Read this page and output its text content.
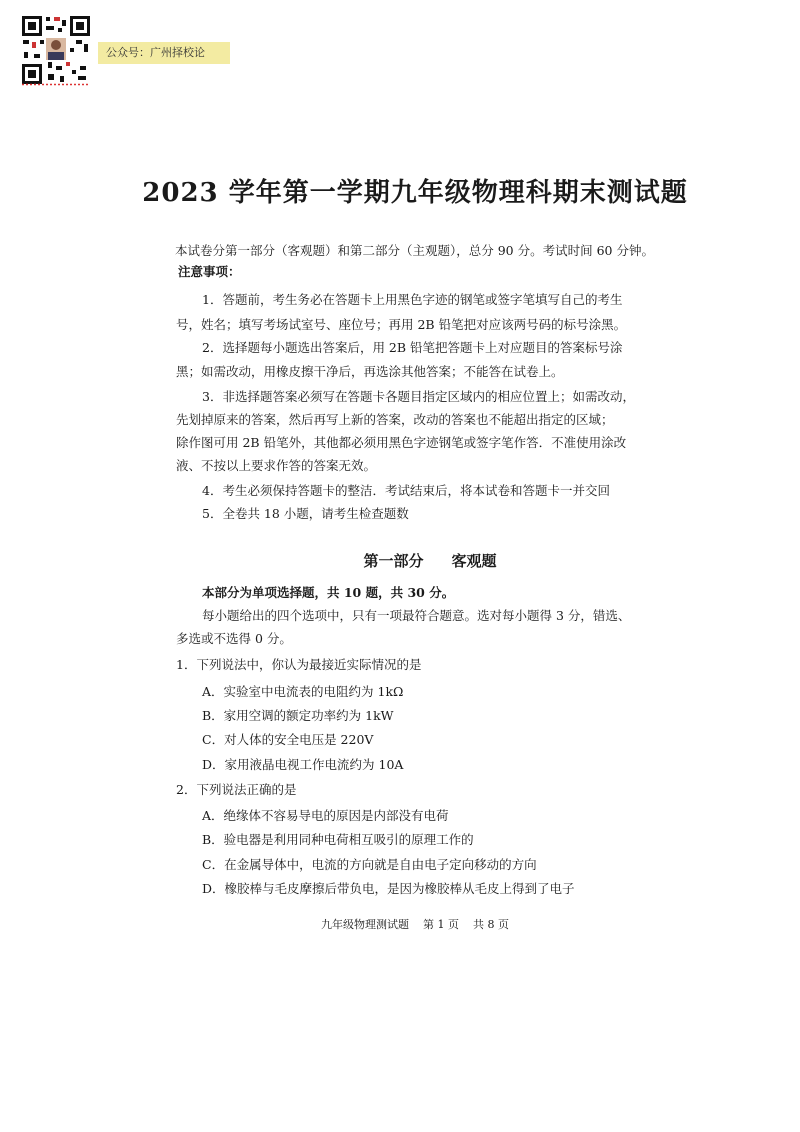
公众号：广州择校论
2023 学年第一学期九年级物理科期末测试题
本试卷分第一部分（客观题）和第二部分（主观题），总分 90 分。考试时间 60 分钟。
注意事项：
1．答题前，考生务必在答题卡上用黑色字迹的钢笔或签字笔填写自己的考生
号，姓名；填写考场试室号、座位号；再用 2B 铅笔把对应该两号码的标号涂黑。
2．选择题每小题选出答案后，用 2B 铅笔把答题卡上对应题目的答案标号涂
黑；如需改动，用橡皮擦干净后，再选涂其他答案；不能答在试卷上。
3．非选择题答案必须写在答题卡各题目指定区域内的相应位置上；如需改动，
先划掉原来的答案，然后再写上新的答案，改动的答案也不能超出指定的区域；
除作图可用 2B 铅笔外，其他都必须用黑色字迹钢笔或签字笔作答．不准使用涂改
液、不按以上要求作答的答案无效。
4．考生必须保持答题卡的整洁．考试结束后，将本试卷和答题卡一并交回
5．全卷共 18 小题，请考生检查题数
第一部分 客观题
本部分为单项选择题，共 10 题，共 30 分。
每小题给出的四个选项中，只有一项最符合题意。选对每小题得 3 分，错选、
多选或不选得 0 分。
1．下列说法中，你认为最接近实际情况的是
A．实验室中电流表的电阻约为 1kΩ
B．家用空调的额定功率约为 1kW
C．对人体的安全电压是 220V
D．家用液晶电视工作电流约为 10A
2．下列说法正确的是
A．绝缘体不容易导电的原因是内部没有电荷
B．验电器是利用同种电荷相互吸引的原理工作的
C．在金属导体中，电流的方向就是自由电子定向移动的方向
D．橡胶棒与毛皮摩擦后带负电，是因为橡胶棒从毛皮上得到了电子
九年级物理测试题 第 1 页 共 8 页
